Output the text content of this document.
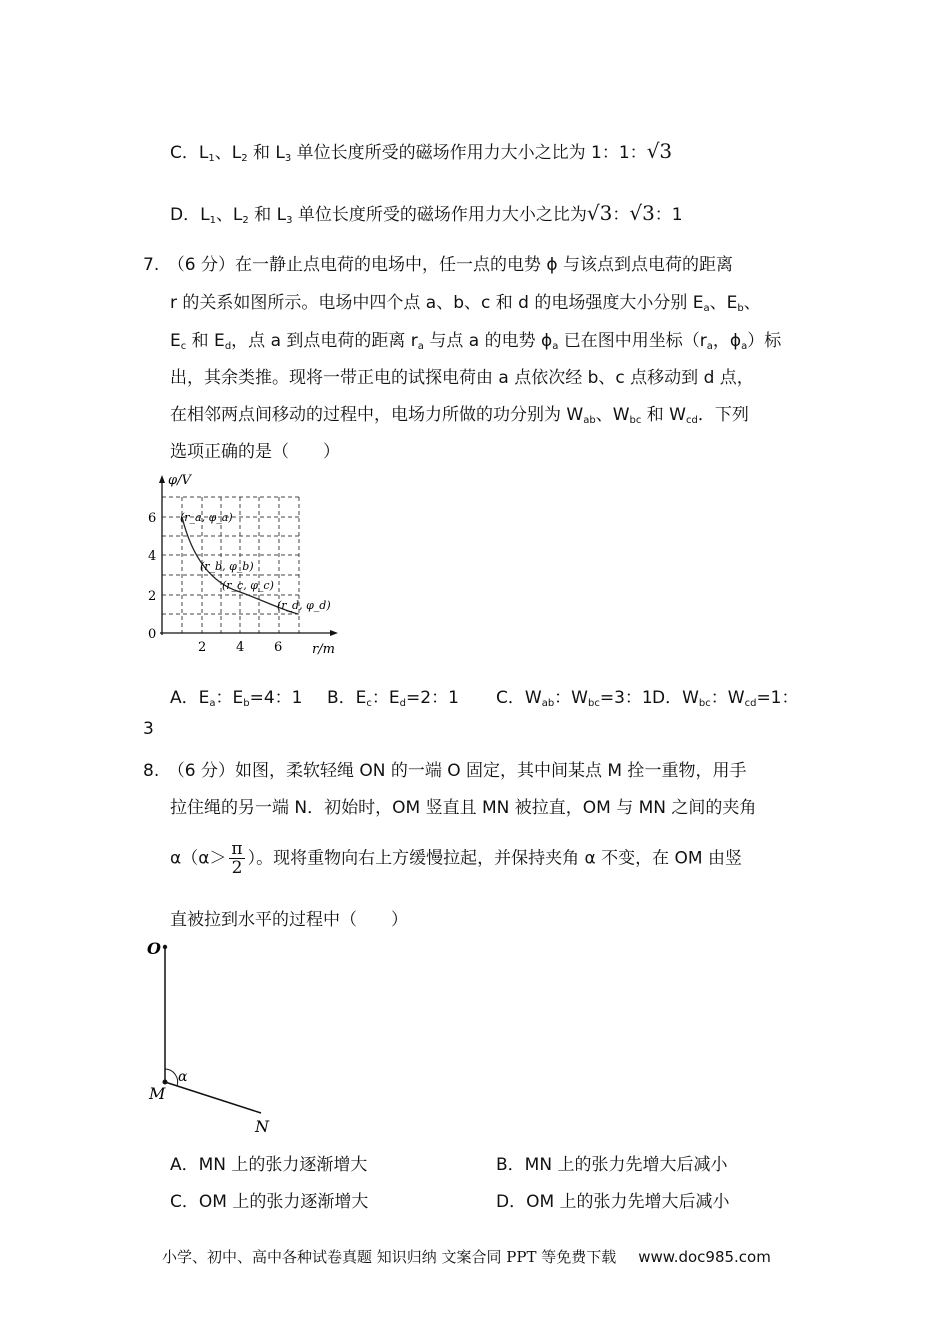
C．$L_1$、$L_2$ 和 $L_3$ 单位长度所受的磁场作用力大小之比为 1：1：√3
D．$L_1$、$L_2$ 和 $L_3$ 单位长度所受的磁场作用力大小之比为√3：√3：1
7.　（6 分）在一静止点电荷的电场中，任一点的电势 ϕ 与该点到点电荷的距离
r 的关系如图所示。电场中四个点 a、b、c 和 d 的电场强度大小分别 $E_a$、$E_b$、
$E_c$ 和 $E_d$，点 a 到点电荷的距离 $r_a$ 与点 a 的电势 $\phi_a$ 已在图中用坐标（$r_a$，$\phi_a$）标
出，其余类推。现将一带正电的试探电荷由 a 点依次经 b、c 点移动到 d 点，
在相邻两点间移动的过程中，电场力所做的功分别为 $W_{ab}$、$W_{bc}$ 和 $W_{cd}$．下列
选项正确的是（　　）
φ/V
r/m
6
4
2
0
2 4 6
(r_a, φ_a)
(r_b, φ_b)
(r_c, φ_c)
(r_d, φ_d)
A．$E_a$：$E_b=4$：1 B．$E_c$：$E_d=2$：1 C．$W_{ab}$：$W_{bc}=3$：1 D．$W_{bc}$：$W_{cd}=1$：
3
8.　（6 分）如图，柔软轻绳 ON 的一端 O 固定，其中间某点 M 拴一重物，用手
拉住绳的另一端 N．初始时，OM 竖直且 MN 被拉直，OM 与 MN 之间的夹角
$\alpha(\alpha> \frac{\pi}{2}$ ）。现将重物向右上方缓慢拉起，并保持夹角 α 不变，在 OM 由竖
直被拉到水平的过程中（　　）
O
M
N
α
A．MN 上的张力逐渐增大	B．MN 上的张力先增大后减小
C．OM 上的张力逐渐增大	D．OM 上的张力先增大后减小
小学、初中、高中各种试卷真题 知识归纳 文案合同 PPT 等免费下载 www.doc985.com
